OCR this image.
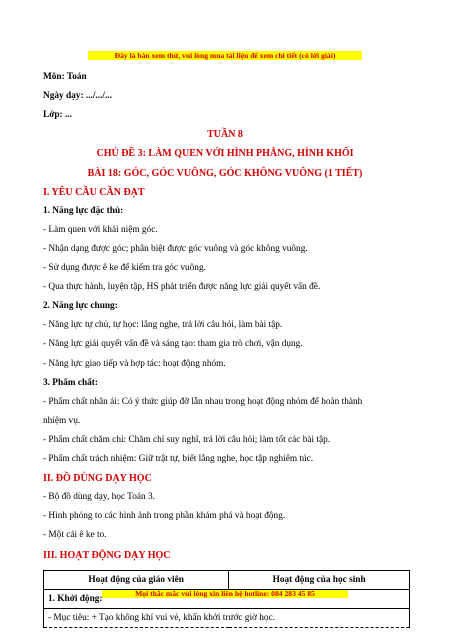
Đây là bản xem thử, vui lòng mua tài liệu để xem chi tiết (có lời giải)
Môn: Toán
Ngày dạy: .../.../...
Lớp: ...
TUẦN 8
CHỦ ĐỀ 3: LÀM QUEN VỚI HÌNH PHẲNG, HÌNH KHỐI
BÀI 18: GÓC, GÓC VUÔNG, GÓC KHÔNG VUÔNG (1 TIẾT)
I. YÊU CẦU CẦN ĐẠT
1. Năng lực đặc thù:
- Làm quen với khái niệm góc.
- Nhận dạng được góc; phân biệt được góc vuông và góc không vuông.
- Sử dụng được ê ke để kiểm tra góc vuông.
- Qua thực hành, luyện tập, HS phát triển được năng lực giải quyết vấn đề.
2. Năng lực chung:
- Năng lực tự chủ, tự học: lắng nghe, trả lời câu hỏi, làm bài tập.
- Năng lực giải quyết vấn đề và sáng tạo: tham gia trò chơi, vận dụng.
- Năng lực giao tiếp và hợp tác: hoạt động nhóm.
3. Phẩm chất:
- Phẩm chất nhân ái: Có ý thức giúp đỡ lẫn nhau trong hoạt động nhóm để hoàn thành
nhiệm vụ.
- Phẩm chất chăm chỉ: Chăm chỉ suy nghĩ, trả lời câu hỏi; làm tốt các bài tập.
- Phẩm chất trách nhiệm: Giữ trật tự, biết lắng nghe, học tập nghiêm túc.
II. ĐỒ DÙNG DẠY HỌC
- Bộ đồ dùng dạy, học Toán 3.
- Hình phóng to các hình ảnh trong phần khám phá và hoạt động.
- Một cái ê ke to.
III. HOẠT ĐỘNG DẠY HỌC
Mọi thắc mắc vui lòng xin liên hệ hotline: 084 283 45 85
Hoạt động của giáo viên	Hoạt động của học sinh
1. Khởi động:
- Mục tiêu: + Tạo không khí vui vẻ, khấn khởi trước giờ học.
